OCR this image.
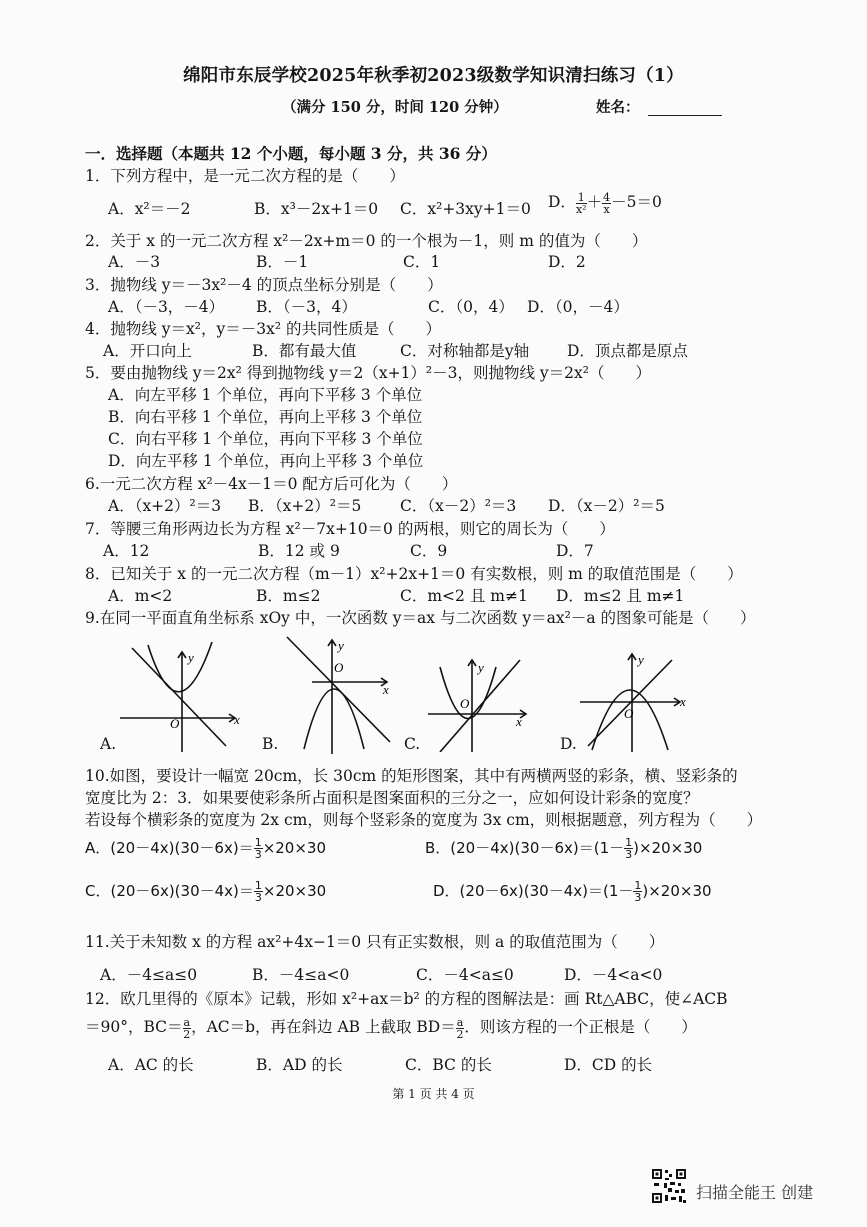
绵阳市东辰学校2025年秋季初2023级数学知识清扫练习（1）
（满分 150 分，时间 120 分钟）	姓名：
一．选择题（本题共 12 个小题，每小题 3 分，共 36 分）
1．下列方程中，是一元二次方程的是（　　）
A．x²＝－2	B．x³－2x+1＝0 C．x²+3xy+1＝0 D． $\frac{1}{\text{x²}} + \frac{4}{x} -5=0$
2．关于 x 的一元二次方程 x²－2x+m＝0 的一个根为－1，则 m 的值为（　　）
A．－3	B．－1	C．1	D．2
3．抛物线 y＝－3x²－4 的顶点坐标分别是（　　）
A．（－3，－4） B．（－3，4）	C．（0，4） D．（0，－4）
4．抛物线 y＝x²，y＝－3x² 的共同性质是（　　）
A．开口向上	B．都有最大值	C．对称轴都是y轴 D．顶点都是原点
5．要由抛物线 y＝2x² 得到抛物线 y＝2（x+1）²－3，则抛物线 y＝2x²（　　）
A．向左平移 1 个单位，再向下平移 3 个单位
B．向右平移 1 个单位，再向上平移 3 个单位
C．向右平移 1 个单位，再向下平移 3 个单位
D．向左平移 1 个单位，再向上平移 3 个单位
6.一元二次方程 x²－4x－1＝0 配方后可化为（　　）
A．（x+2）²＝3 B．（x+2）²＝5 C．（x－2）²＝3 D．（x－2）²＝5
7．等腰三角形两边长为方程 x²－7x+10＝0 的两根，则它的周长为（　　）
A．12	B．12 或 9	C．9	D．7
8．已知关于 x 的一元二次方程（m－1）x²+2x+1＝0 有实数根，则 m 的取值范围是（　　）
A．m<2	B．m≤2	C．m<2 且 m≠1 D．m≤2 且 m≠1
9.在同一平面直角坐标系 xOy 中，一次函数 y＝ax 与二次函数 y＝ax²－a 的图象可能是（　　）
y
x
O
A.
y
x
O
B.
y
x
O
C.
y
x
O
D.
10.如图，要设计一幅宽 20cm，长 30cm 的矩形图案，其中有两横两竖的彩条，横、竖彩条的
宽度比为 2：3．如果要使彩条所占面积是图案面积的三分之一，应如何设计彩条的宽度？
若设每个横彩条的宽度为 2x cm，则每个竖彩条的宽度为 3x cm，则根据题意，列方程为（　　）
A．$(20-4x)(30-6x)= \frac{1}{3} \times 20\times 30$	B．$(20-4x)(30-6x)=(1- \frac{1}{3} )\times 20\times 30$
C．$(20-6x)(30-4x)= \frac{1}{3} \times 20\times 30$	D．$(20-6x)(30-4x)=(1- \frac{1}{3} )\times 20\times 30$
11.关于未知数 x 的方程 ax²+4x−1＝0 只有正实数根，则 a 的取值范围为（　　）
A．－4≤a≤0	B．－4≤a<0	C．－4<a≤0	D．－4<a<0
12．欧几里得的《原本》记载，形如 x²+ax＝b² 的方程的图解法是：画 Rt△ABC，使∠ACB
＝90°，$BC= \frac{a}{2}$ ，AC＝b，再在斜边 AB 上截取 $BD= \frac{a}{2}$ ．则该方程的一个正根是（　　）
A．AC 的长	B．AD 的长	C．BC 的长	D．CD 的长
第 1 页 共 4 页
扫描全能王 创建
